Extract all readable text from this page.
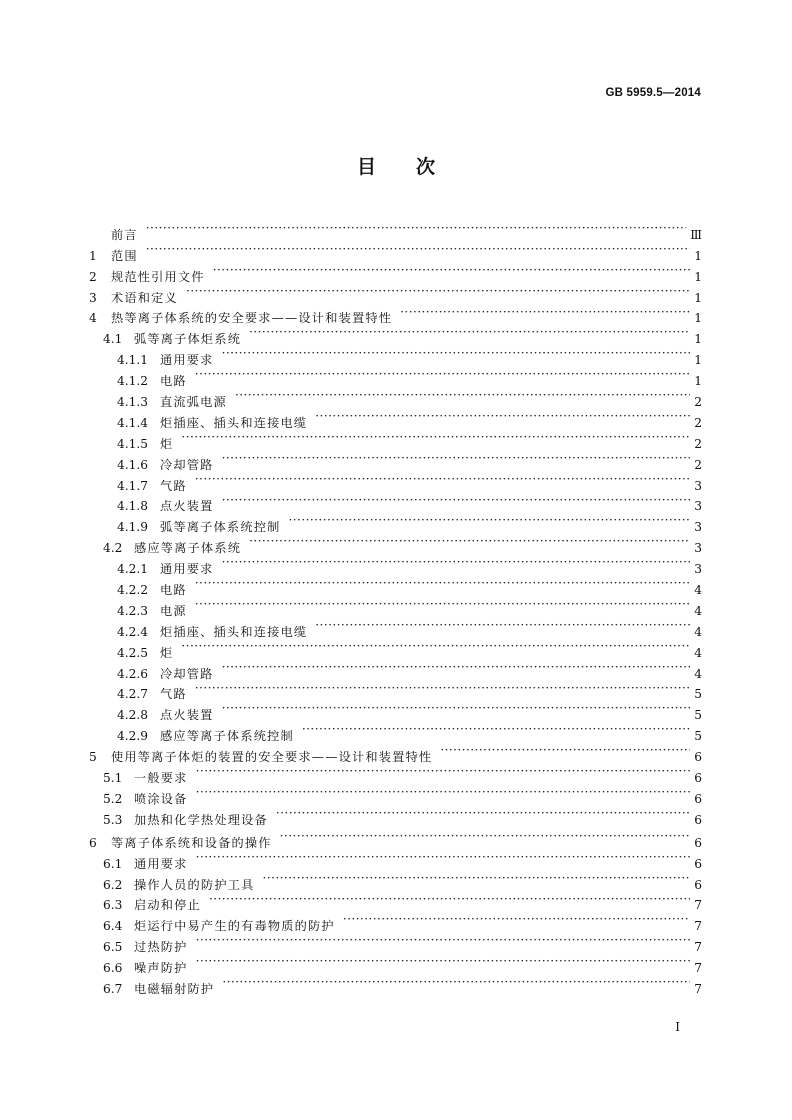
GB 5959.5—2014
目 次
前言 ·····	Ⅲ
1	范围 ·····	1
2	规范性引用文件 ·····	1
3	术语和定义 ·····	1
4	热等离子体系统的安全要求——设计和装置特性 ·····	1
4.1 弧等离子体炬系统 ·····	1
4.1.1 通用要求 ·····	1
4.1.2 电路 ·····	1
4.1.3 直流弧电源 ·····	2
4.1.4 炬插座、插头和连接电缆 ·····	2
4.1.5 炬 ·····	2
4.1.6 冷却管路 ·····	2
4.1.7 气路 ·····	3
4.1.8 点火装置 ·····	3
4.1.9 弧等离子体系统控制 ·····	3
4.2 感应等离子体系统 ·····	3
4.2.1 通用要求 ·····	3
4.2.2 电路 ·····	4
4.2.3 电源 ·····	4
4.2.4 炬插座、插头和连接电缆 ·····	4
4.2.5 炬 ·····	4
4.2.6 冷却管路 ·····	4
4.2.7 气路 ·····	5
4.2.8 点火装置 ·····	5
4.2.9 感应等离子体系统控制 ·····	5
5	使用等离子体炬的装置的安全要求——设计和装置特性 ·····	6
5.1 一般要求 ·····	6
5.2 喷涂设备 ·····	6
5.3 加热和化学热处理设备 ·····	6
6	等离子体系统和设备的操作 ·····	6
6.1 通用要求 ·····	6
6.2 操作人员的防护工具 ·····	6
6.3 启动和停止 ·····	7
6.4 炬运行中易产生的有毒物质的防护 ·····	7
6.5 过热防护 ·····	7
6.6 噪声防护 ·····	7
6.7 电磁辐射防护 ·····	7
I
